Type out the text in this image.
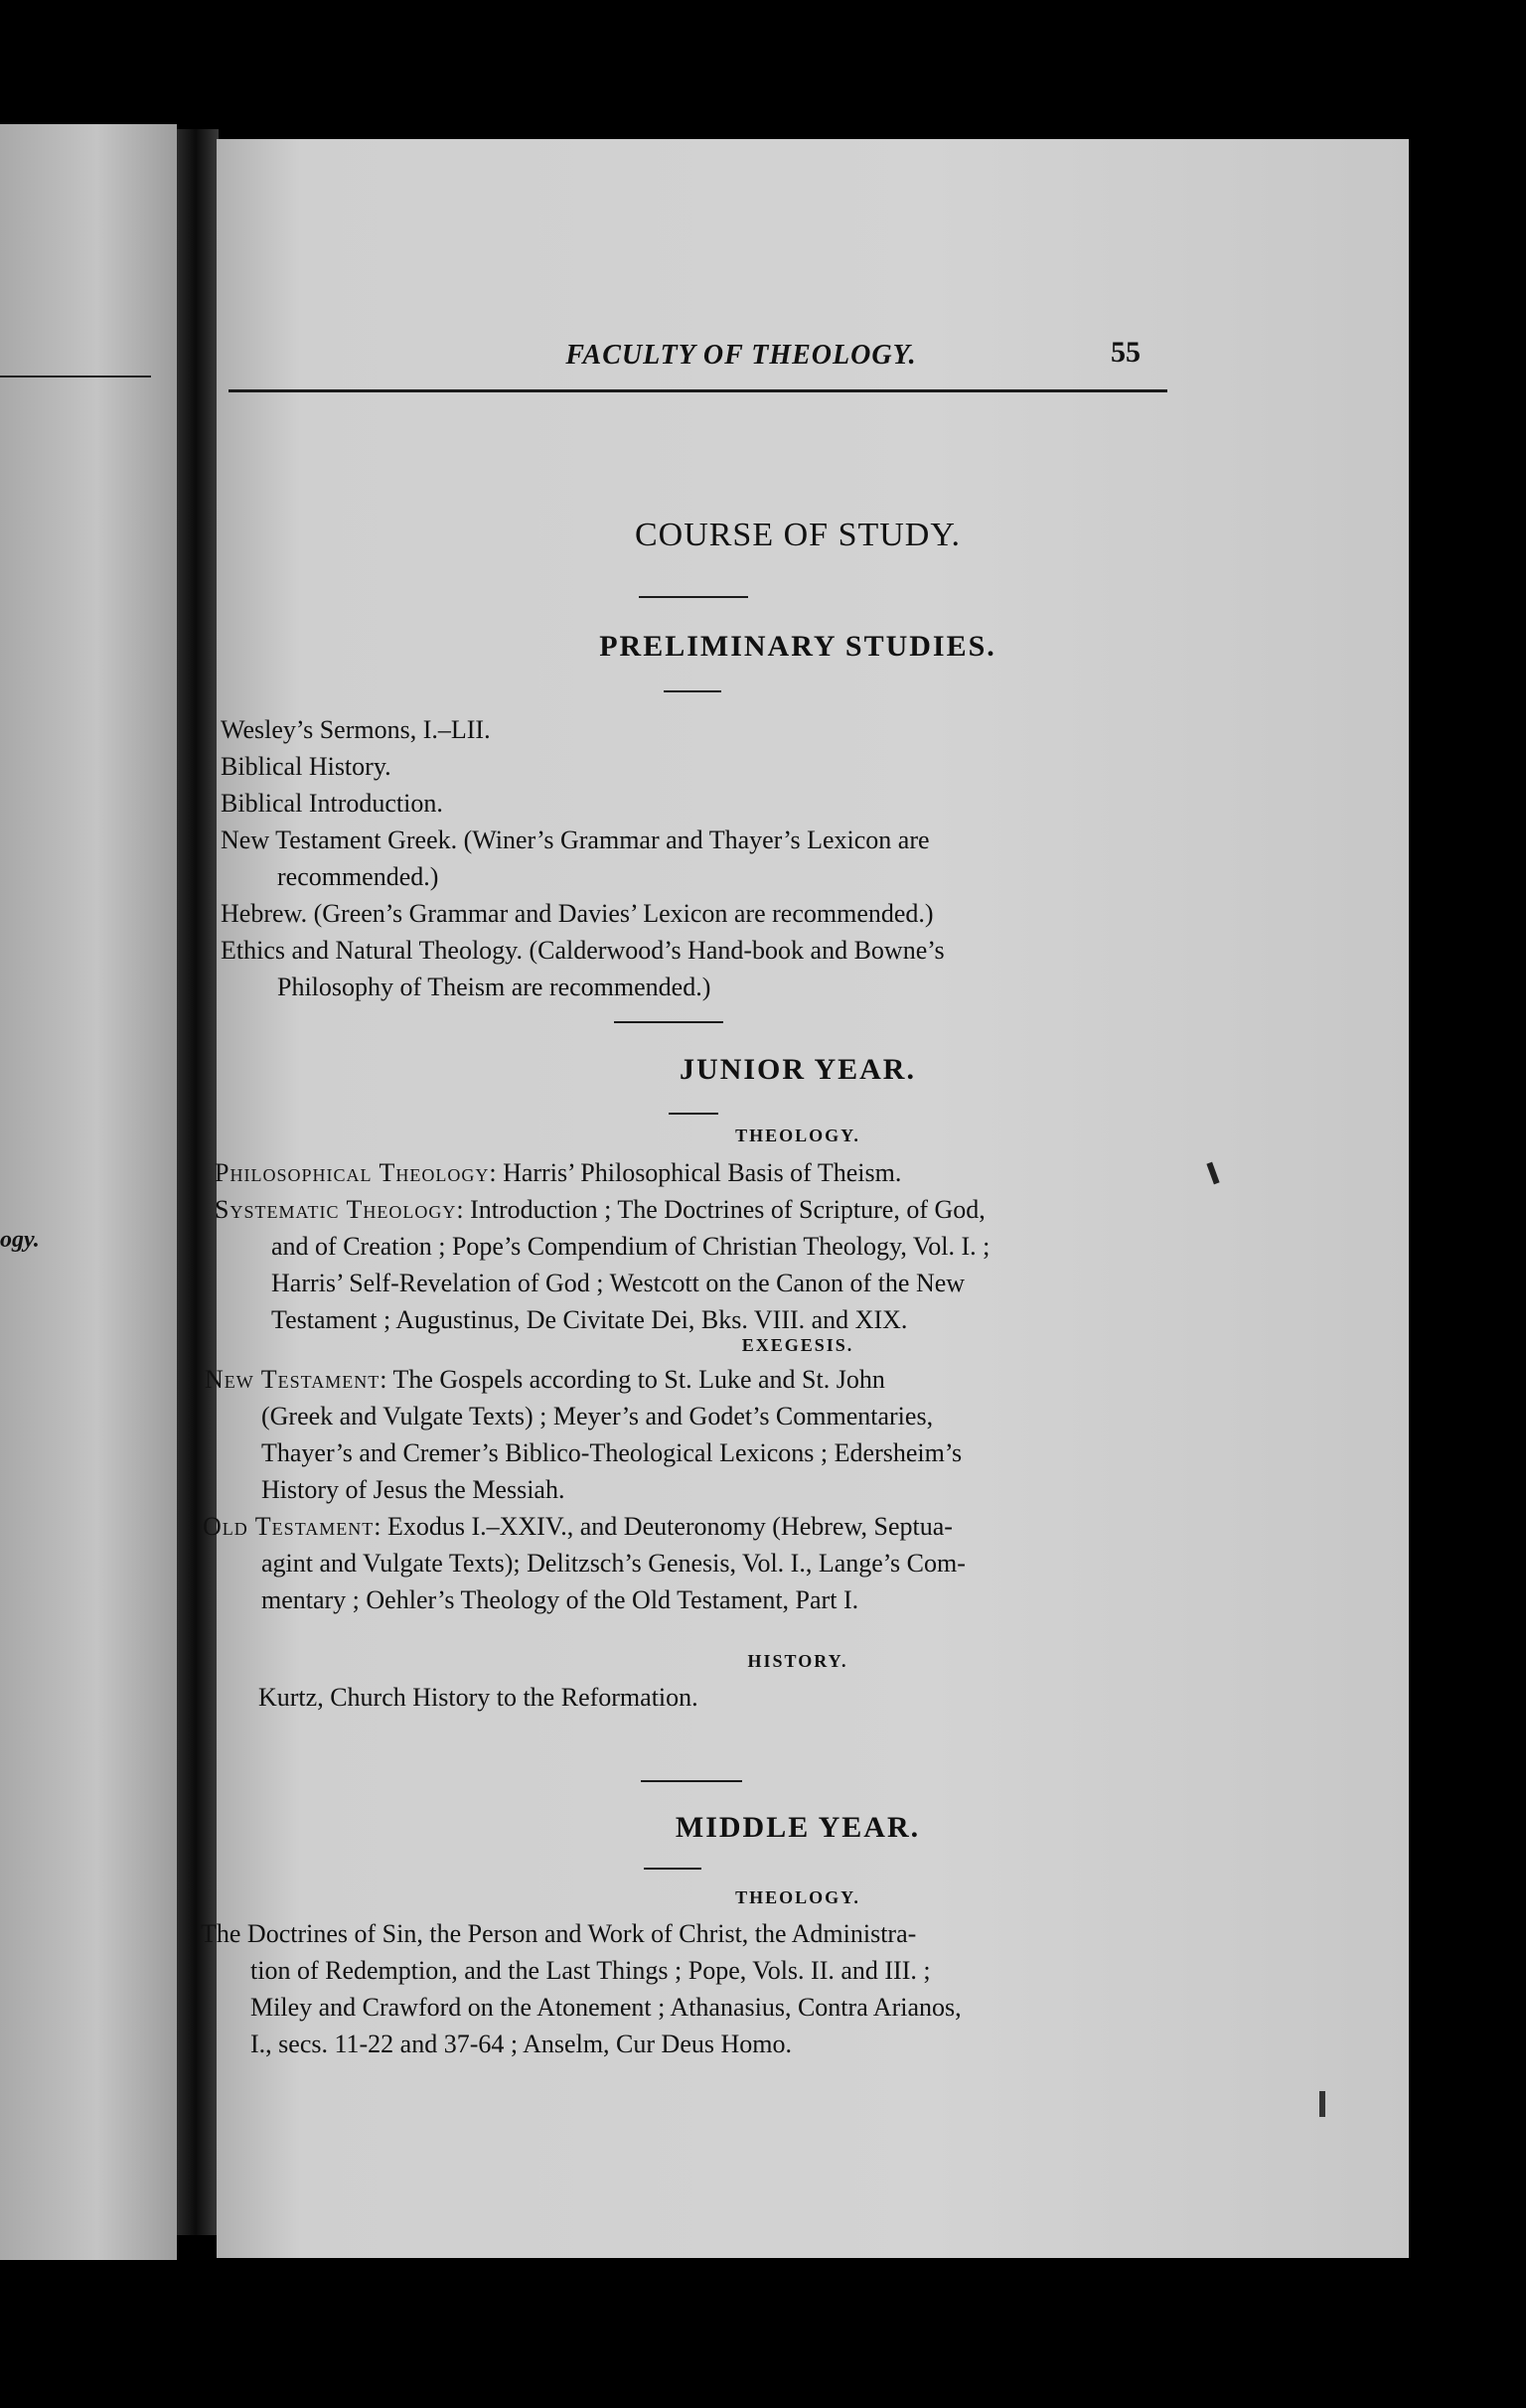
ogy.
FACULTY OF THEOLOGY.	55
COURSE OF STUDY.
PRELIMINARY STUDIES.
Wesley’s Sermons, I.–LII.
Biblical History.
Biblical Introduction.
New Testament Greek. (Winer’s Grammar and Thayer’s Lexicon are
recommended.)
Hebrew. (Green’s Grammar and Davies’ Lexicon are recommended.)
Ethics and Natural Theology. (Calderwood’s Hand-book and Bowne’s
Philosophy of Theism are recommended.)
JUNIOR YEAR.
THEOLOGY.
Philosophical Theology: Harris’ Philosophical Basis of Theism.
Systematic Theology: Introduction ; The Doctrines of Scripture, of God,
and of Creation ; Pope’s Compendium of Christian Theology, Vol. I. ;
Harris’ Self-Revelation of God ; Westcott on the Canon of the New
Testament ; Augustinus, De Civitate Dei, Bks. VIII. and XIX.
EXEGESIS.
New Testament: The Gospels according to St. Luke and St. John
(Greek and Vulgate Texts) ; Meyer’s and Godet’s Commentaries,
Thayer’s and Cremer’s Biblico-Theological Lexicons ; Edersheim’s
History of Jesus the Messiah.
Old Testament: Exodus I.–XXIV., and Deuteronomy (Hebrew, Septua-
agint and Vulgate Texts); Delitzsch’s Genesis, Vol. I., Lange’s Com-
mentary ; Oehler’s Theology of the Old Testament, Part I.
HISTORY.
Kurtz, Church History to the Reformation.
MIDDLE YEAR.
THEOLOGY.
The Doctrines of Sin, the Person and Work of Christ, the Administra-
tion of Redemption, and the Last Things ; Pope, Vols. II. and III. ;
Miley and Crawford on the Atonement ; Athanasius, Contra Arianos,
I., secs. 11-22 and 37-64 ; Anselm, Cur Deus Homo.
